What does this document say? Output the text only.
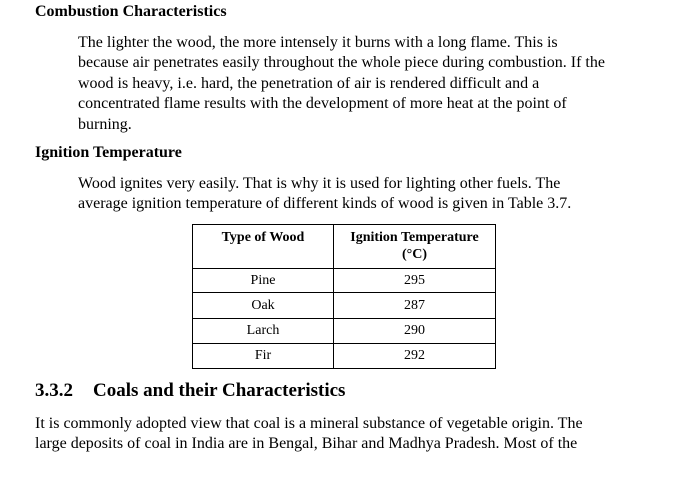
Combustion Characteristics
The lighter the wood, the more intensely it burns with a long flame. This is
because air penetrates easily throughout the whole piece during combustion. If the
wood is heavy, i.e. hard, the penetration of air is rendered difficult and a
concentrated flame results with the development of more heat at the point of
burning.
Ignition Temperature
Wood ignites very easily. That is why it is used for lighting other fuels. The
average ignition temperature of different kinds of wood is given in Table 3.7.
Type of Wood	Ignition Temperature
(°C)
Pine	295
Oak	287
Larch	290
Fir	292
3.3.2 Coals and their Characteristics
It is commonly adopted view that coal is a mineral substance of vegetable origin. The
large deposits of coal in India are in Bengal, Bihar and Madhya Pradesh. Most of the
